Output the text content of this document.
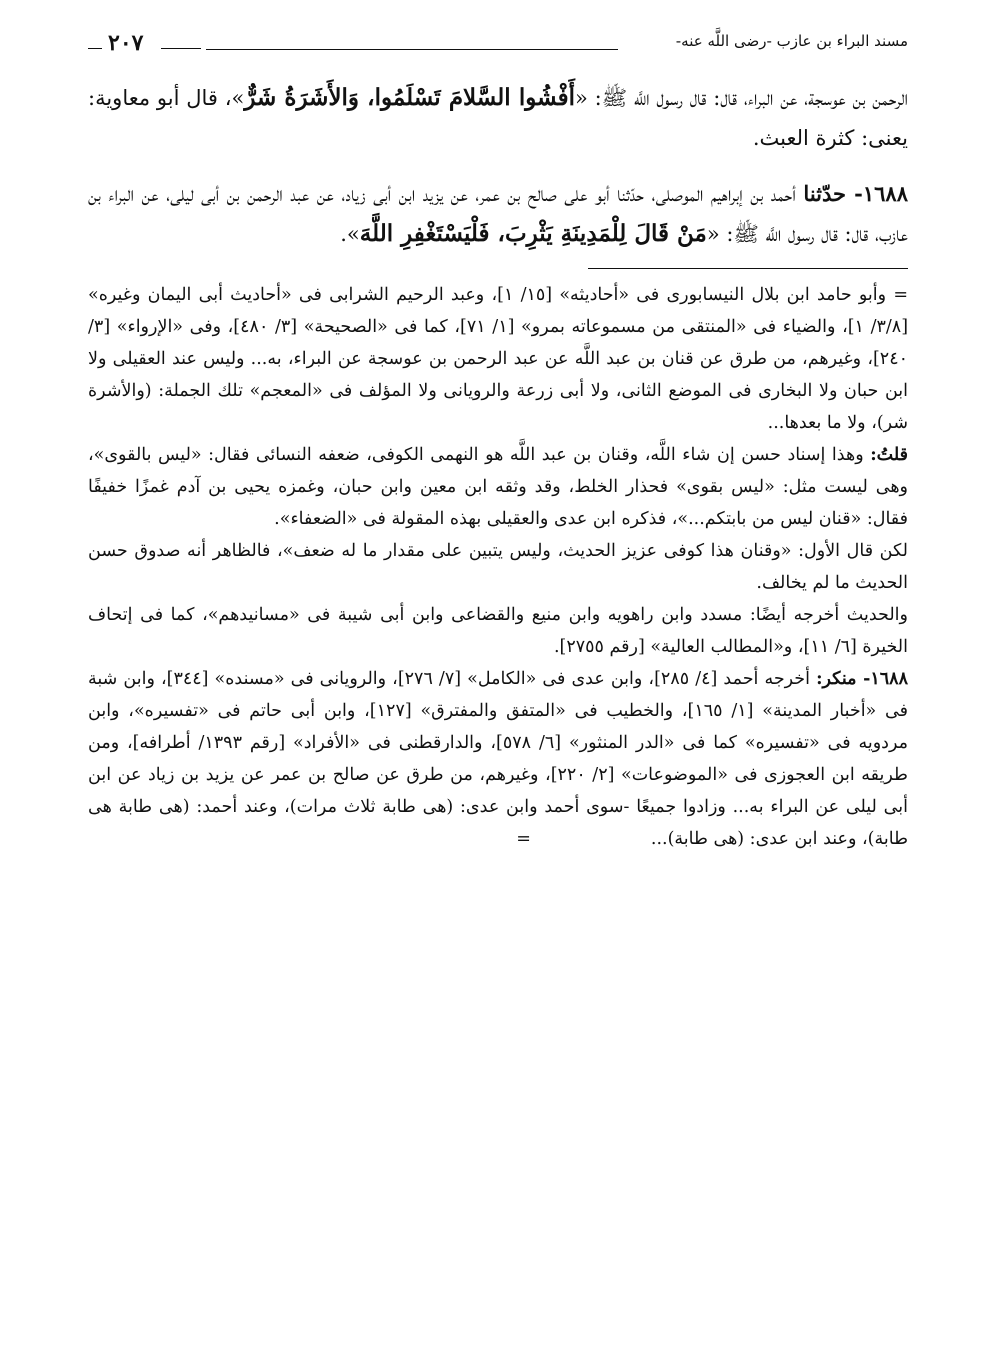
مسند البراء بن عازب -رضى اللَّه عنه-
٢٠٧

الرحمن بن عوسجة، عن البراء، قال: قال رسول اللَّه ﷺ: «أَفْشُوا السَّلامَ تَسْلَمُوا، وَالأَشَرَةُ شَرٌّ»، قال أبو معاوية: يعنى: كثرة العبث.

١٦٨٨- حدّثنا أحمد بن إبراهيم الموصلى، حدّثنا أبو على صالح بن عمر، عن يزيد ابن أبى زياد، عن عبد الرحمن بن أبى ليلى، عن البراء بن عازب، قال: قال رسول اللَّه ﷺ: «مَنْ قَالَ لِلْمَدِينَةِ يَثْرِبَ، فَلْيَسْتَغْفِرِ اللَّهَ».

= وأبو حامد ابن بلال النيسابورى فى «أحاديثه» [١٥/ ١]، وعبد الرحيم الشرابى فى «أحاديث أبى اليمان وغيره» [٣/٨/ ١]، والضياء فى «المنتقى من مسموعاته بمرو» [١/ ٧١]، كما فى «الصحيحة» [٣/ ٤٨٠]، وفى «الإرواء» [٣/ ٢٤٠]، وغيرهم، من طرق عن قنان بن عبد اللَّه عن عبد الرحمن بن عوسجة عن البراء، به... وليس عند العقيلى ولا ابن حبان ولا البخارى فى الموضع الثانى، ولا أبى زرعة والرويانى ولا المؤلف فى «المعجم» تلك الجملة: (والأشرة شر)، ولا ما بعدها...

قلتُ: وهذا إسناد حسن إن شاء اللَّه، وقنان بن عبد اللَّه هو النهمى الكوفى، ضعفه النسائى فقال: «ليس بالقوى»، وهى ليست مثل: «ليس بقوى» فحذار الخلط، وقد وثقه ابن معين وابن حبان، وغمزه يحيى بن آدم غمزًا خفيفًا فقال: «قنان ليس من بابتكم...»، فذكره ابن عدى والعقيلى بهذه المقولة فى «الضعفاء».

لكن قال الأول: «وقنان هذا كوفى عزيز الحديث، وليس يتبين على مقدار ما له ضعف»، فالظاهر أنه صدوق حسن الحديث ما لم يخالف.

والحديث أخرجه أيضًا: مسدد وابن راهويه وابن منيع والقضاعى وابن أبى شيبة فى «مسانيدهم»، كما فى إتحاف الخيرة [٦/ ١١]، و«المطالب العالية» [رقم ٢٧٥٥].

١٦٨٨- منكر: أخرجه أحمد [٤/ ٢٨٥]، وابن عدى فى «الكامل» [٧/ ٢٧٦]، والرويانى فى «مسنده» [٣٤٤]، وابن شبة فى «أخبار المدينة» [١/ ١٦٥]، والخطيب فى «المتفق والمفترق» [١٢٧]، وابن أبى حاتم فى «تفسيره»، وابن مردويه فى «تفسيره» كما فى «الدر المنثور» [٦/ ٥٧٨]، والدارقطنى فى «الأفراد» [رقم ١٣٩٣/ أطرافه]، ومن طريقه ابن العجوزى فى «الموضوعات» [٢/ ٢٢٠]، وغيرهم، من طرق عن صالح بن عمر عن يزيد بن زياد عن ابن أبى ليلى عن البراء به... وزادوا جميعًا -سوى أحمد وابن عدى: (هى طابة ثلاث مرات)، وعند أحمد: (هى طابة هى طابة)، وعند ابن عدى: (هى طابة)...=
